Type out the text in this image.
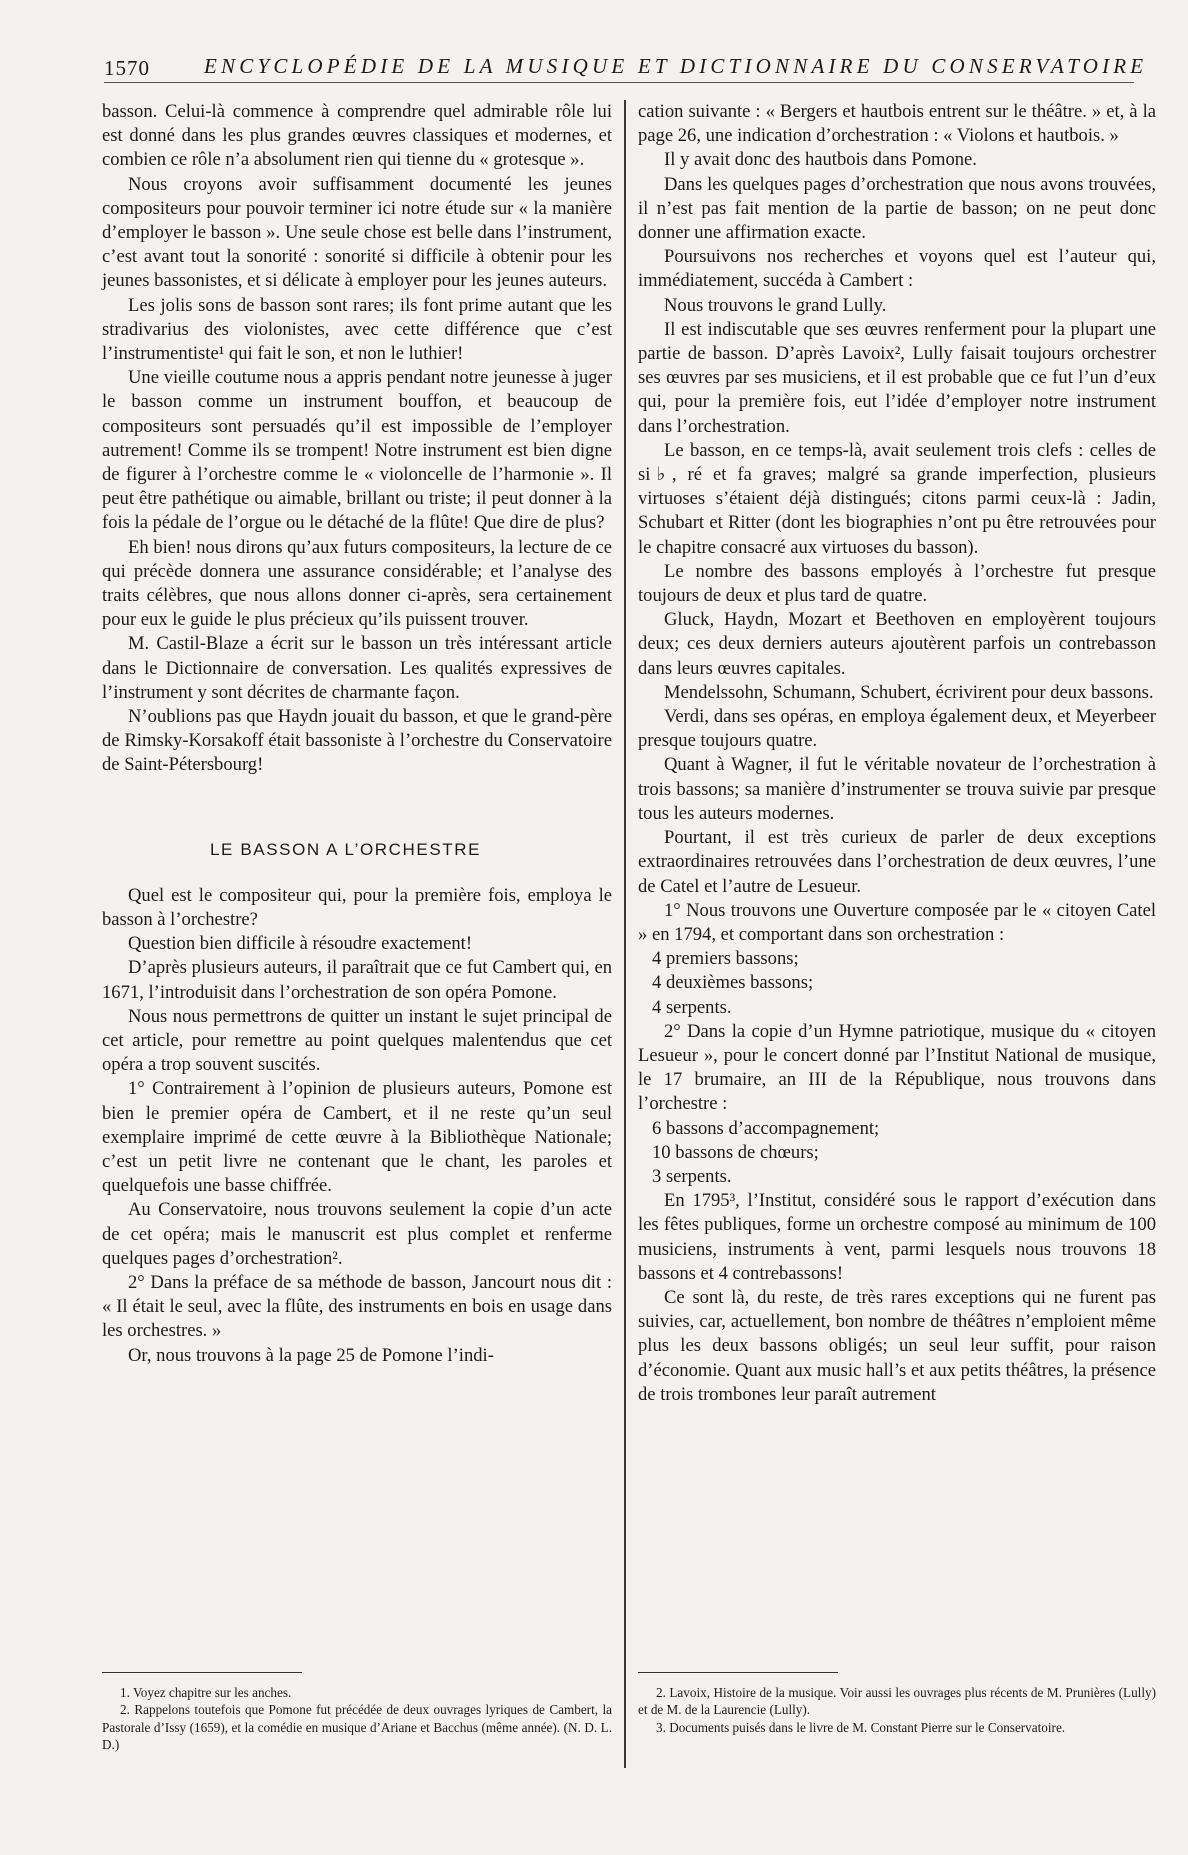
1570	ENCYCLOPÉDIE DE LA MUSIQUE ET DICTIONNAIRE DU CONSERVATOIRE

basson. Celui-là commence à comprendre quel admirable rôle lui est donné dans les plus grandes œuvres classiques et modernes, et combien ce rôle n’a absolument rien qui tienne du « grotesque ».

Nous croyons avoir suffisamment documenté les jeunes compositeurs pour pouvoir terminer ici notre étude sur « la manière d’employer le basson ». Une seule chose est belle dans l’instrument, c’est avant tout la sonorité : sonorité si difficile à obtenir pour les jeunes bassonistes, et si délicate à employer pour les jeunes auteurs.

Les jolis sons de basson sont rares; ils font prime autant que les stradivarius des violonistes, avec cette différence que c’est l’instrumentiste¹ qui fait le son, et non le luthier!

Une vieille coutume nous a appris pendant notre jeunesse à juger le basson comme un instrument bouffon, et beaucoup de compositeurs sont persuadés qu’il est impossible de l’employer autrement! Comme ils se trompent! Notre instrument est bien digne de figurer à l’orchestre comme le « violoncelle de l’harmonie ». Il peut être pathétique ou aimable, brillant ou triste; il peut donner à la fois la pédale de l’orgue ou le détaché de la flûte! Que dire de plus?

Eh bien! nous dirons qu’aux futurs compositeurs, la lecture de ce qui précède donnera une assurance considérable; et l’analyse des traits célèbres, que nous allons donner ci-après, sera certainement pour eux le guide le plus précieux qu’ils puissent trouver.

M. Castil-Blaze a écrit sur le basson un très intéressant article dans le Dictionnaire de conversation. Les qualités expressives de l’instrument y sont décrites de charmante façon.

N’oublions pas que Haydn jouait du basson, et que le grand-père de Rimsky-Korsakoff était bassoniste à l’orchestre du Conservatoire de Saint-Pétersbourg!

LE BASSON A L’ORCHESTRE

Quel est le compositeur qui, pour la première fois, employa le basson à l’orchestre?

Question bien difficile à résoudre exactement!

D’après plusieurs auteurs, il paraîtrait que ce fut Cambert qui, en 1671, l’introduisit dans l’orchestration de son opéra Pomone.

Nous nous permettrons de quitter un instant le sujet principal de cet article, pour remettre au point quelques malentendus que cet opéra a trop souvent suscités.

1° Contrairement à l’opinion de plusieurs auteurs, Pomone est bien le premier opéra de Cambert, et il ne reste qu’un seul exemplaire imprimé de cette œuvre à la Bibliothèque Nationale; c’est un petit livre ne contenant que le chant, les paroles et quelquefois une basse chiffrée.

Au Conservatoire, nous trouvons seulement la copie d’un acte de cet opéra; mais le manuscrit est plus complet et renferme quelques pages d’orchestration².

2° Dans la préface de sa méthode de basson, Jancourt nous dit : « Il était le seul, avec la flûte, des instruments en bois en usage dans les orchestres. »

Or, nous trouvons à la page 25 de Pomone l’indi-

1. Voyez chapitre sur les anches.

2. Rappelons toutefois que Pomone fut précédée de deux ouvrages lyriques de Cambert, la Pastorale d’Issy (1659), et la comédie en musique d’Ariane et Bacchus (même année). (N. D. L. D.)

cation suivante : « Bergers et hautbois entrent sur le théâtre. » et, à la page 26, une indication d’orchestration : « Violons et hautbois. »

Il y avait donc des hautbois dans Pomone.

Dans les quelques pages d’orchestration que nous avons trouvées, il n’est pas fait mention de la partie de basson; on ne peut donc donner une affirmation exacte.

Poursuivons nos recherches et voyons quel est l’auteur qui, immédiatement, succéda à Cambert :

Nous trouvons le grand Lully.

Il est indiscutable que ses œuvres renferment pour la plupart une partie de basson. D’après Lavoix², Lully faisait toujours orchestrer ses œuvres par ses musiciens, et il est probable que ce fut l’un d’eux qui, pour la première fois, eut l’idée d’employer notre instrument dans l’orchestration.

Le basson, en ce temps-là, avait seulement trois clefs : celles de si♭, ré et fa graves; malgré sa grande imperfection, plusieurs virtuoses s’étaient déjà distingués; citons parmi ceux-là : Jadin, Schubart et Ritter (dont les biographies n’ont pu être retrouvées pour le chapitre consacré aux virtuoses du basson).

Le nombre des bassons employés à l’orchestre fut presque toujours de deux et plus tard de quatre.

Gluck, Haydn, Mozart et Beethoven en employèrent toujours deux; ces deux derniers auteurs ajoutèrent parfois un contrebasson dans leurs œuvres capitales.

Mendelssohn, Schumann, Schubert, écrivirent pour deux bassons.

Verdi, dans ses opéras, en employa également deux, et Meyerbeer presque toujours quatre.

Quant à Wagner, il fut le véritable novateur de l’orchestration à trois bassons; sa manière d’instrumenter se trouva suivie par presque tous les auteurs modernes.

Pourtant, il est très curieux de parler de deux exceptions extraordinaires retrouvées dans l’orchestration de deux œuvres, l’une de Catel et l’autre de Lesueur.

1° Nous trouvons une Ouverture composée par le « citoyen Catel » en 1794, et comportant dans son orchestration :

4 premiers bassons;

4 deuxièmes bassons;

4 serpents.

2° Dans la copie d’un Hymne patriotique, musique du « citoyen Lesueur », pour le concert donné par l’Institut National de musique, le 17 brumaire, an III de la République, nous trouvons dans l’orchestre :

6 bassons d’accompagnement;

10 bassons de chœurs;

3 serpents.

En 1795³, l’Institut, considéré sous le rapport d’exécution dans les fêtes publiques, forme un orchestre composé au minimum de 100 musiciens, instruments à vent, parmi lesquels nous trouvons 18 bassons et 4 contrebassons!

Ce sont là, du reste, de très rares exceptions qui ne furent pas suivies, car, actuellement, bon nombre de théâtres n’emploient même plus les deux bassons obligés; un seul leur suffit, pour raison d’économie. Quant aux music hall’s et aux petits théâtres, la présence de trois trombones leur paraît autrement

2. Lavoix, Histoire de la musique. Voir aussi les ouvrages plus récents de M. Prunières (Lully) et de M. de la Laurencie (Lully).

3. Documents puisés dans le livre de M. Constant Pierre sur le Conservatoire.
